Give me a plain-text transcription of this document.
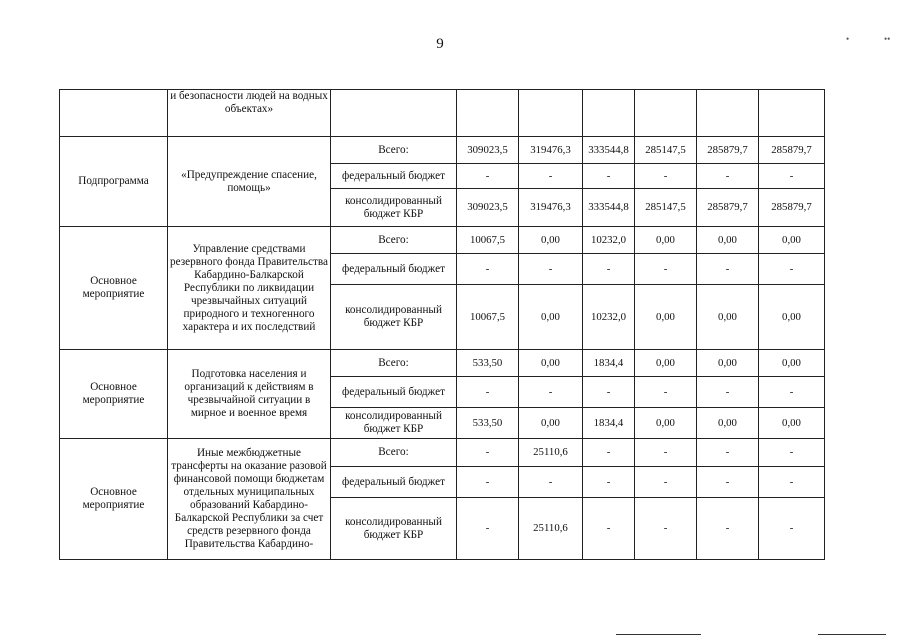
9	•	••
	и безопасности людей на водных объектах»							
Подпрограмма	«Предупреждение спасение, помощь»	Всего:	309023,5	319476,3	333544,8	285147,5	285879,7	285879,7
		федеральный бюджет	-	-	-	-	-	-
		консолидированный бюджет КБР	309023,5	319476,3	333544,8	285147,5	285879,7	285879,7
Основное мероприятие	Управление средствами резервного фонда Правительства Кабардино-Балкарской Республики по ликвидации чрезвычайных ситуаций природного и техногенного характера и их последствий	Всего:	10067,5	0,00	10232,0	0,00	0,00	0,00
		федеральный бюджет	-	-	-	-	-	-
		консолидированный бюджет КБР	10067,5	0,00	10232,0	0,00	0,00	0,00
Основное мероприятие	Подготовка населения и организаций к действиям в чрезвычайной ситуации в мирное и военное время	Всего:	533,50	0,00	1834,4	0,00	0,00	0,00
		федеральный бюджет	-	-	-	-	-	-
		консолидированный бюджет КБР	533,50	0,00	1834,4	0,00	0,00	0,00
Основное мероприятие	Иные межбюджетные трансферты на оказание разовой финансовой помощи бюджетам отдельных муниципальных образований Кабардино-Балкарской Республики за счет средств резервного фонда Правительства Кабардино-	Всего:	-	25110,6	-	-	-	-
		федеральный бюджет	-	-	-	-	-	-
		консолидированный бюджет КБР	-	25110,6	-	-	-	-
